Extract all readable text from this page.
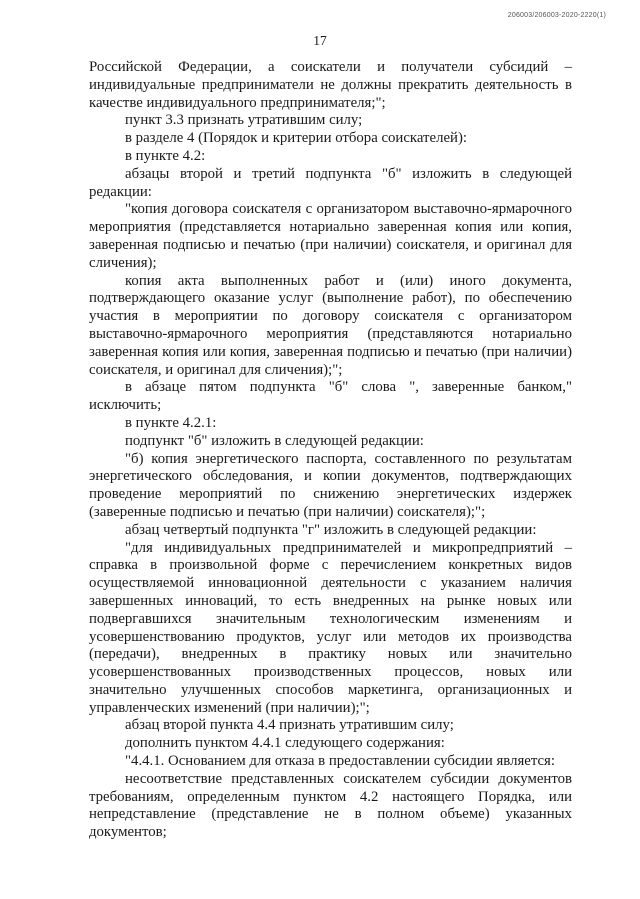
206003/206003-2020-2220(1)
17

Российской Федерации, а соискатели и получатели субсидий – индивидуальные предприниматели не должны прекратить деятельность в качестве индивидуального предпринимателя;";

пункт 3.3 признать утратившим силу;

в разделе 4 (Порядок и критерии отбора соискателей):

в пункте 4.2:

абзацы второй и третий подпункта "б" изложить в следующей редакции:

"копия договора соискателя с организатором выставочно-ярмарочного мероприятия (представляется нотариально заверенная копия или копия, заверенная подписью и печатью (при наличии) соискателя, и оригинал для сличения);

копия акта выполненных работ и (или) иного документа, подтверждающего оказание услуг (выполнение работ), по обеспечению участия в мероприятии по договору соискателя с организатором выставочно-ярмарочного мероприятия (представляются нотариально заверенная копия или копия, заверенная подписью и печатью (при наличии) соискателя, и оригинал для сличения);";

в абзаце пятом подпункта "б" слова ", заверенные банком," исключить;

в пункте 4.2.1:

подпункт "б" изложить в следующей редакции:

"б) копия энергетического паспорта, составленного по результатам энергетического обследования, и копии документов, подтверждающих проведение мероприятий по снижению энергетических издержек (заверенные подписью и печатью (при наличии) соискателя);";

абзац четвертый подпункта "г" изложить в следующей редакции:

"для индивидуальных предпринимателей и микропредприятий – справка в произвольной форме с перечислением конкретных видов осуществляемой инновационной деятельности с указанием наличия завершенных инноваций, то есть внедренных на рынке новых или подвергавшихся значительным технологическим изменениям и усовершенствованию продуктов, услуг или методов их производства (передачи), внедренных в практику новых или значительно усовершенствованных производственных процессов, новых или значительно улучшенных способов маркетинга, организационных и управленческих изменений (при наличии);";

абзац второй пункта 4.4 признать утратившим силу;

дополнить пунктом 4.4.1 следующего содержания:

"4.4.1. Основанием для отказа в предоставлении субсидии является:

несоответствие представленных соискателем субсидии документов требованиям, определенным пунктом 4.2 настоящего Порядка, или непредставление (представление не в полном объеме) указанных документов;
